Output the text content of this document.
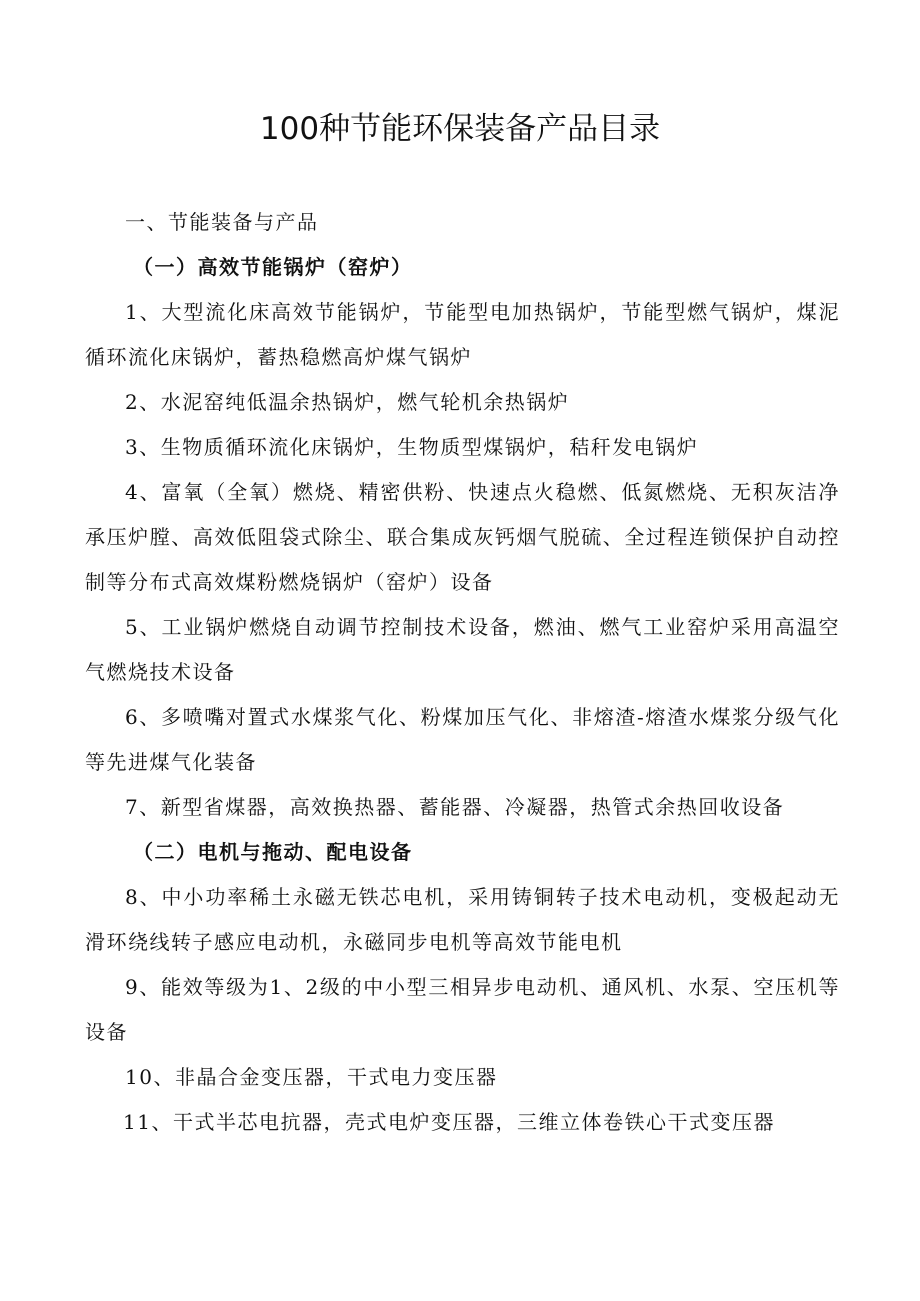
100种节能环保装备产品目录

一、节能装备与产品

（一）高效节能锅炉（窑炉）

1、大型流化床高效节能锅炉，节能型电加热锅炉，节能型燃气锅炉，煤泥循环流化床锅炉，蓄热稳燃高炉煤气锅炉

2、水泥窑纯低温余热锅炉，燃气轮机余热锅炉

3、生物质循环流化床锅炉，生物质型煤锅炉，秸秆发电锅炉

4、富氧（全氧）燃烧、精密供粉、快速点火稳燃、低氮燃烧、无积灰洁净承压炉膛、高效低阻袋式除尘、联合集成灰钙烟气脱硫、全过程连锁保护自动控制等分布式高效煤粉燃烧锅炉（窑炉）设备

5、工业锅炉燃烧自动调节控制技术设备，燃油、燃气工业窑炉采用高温空气燃烧技术设备

6、多喷嘴对置式水煤浆气化、粉煤加压气化、非熔渣-熔渣水煤浆分级气化等先进煤气化装备

7、新型省煤器，高效换热器、蓄能器、冷凝器，热管式余热回收设备

（二）电机与拖动、配电设备

8、中小功率稀土永磁无铁芯电机，采用铸铜转子技术电动机，变极起动无滑环绕线转子感应电动机，永磁同步电机等高效节能电机

9、能效等级为1、2级的中小型三相异步电动机、通风机、水泵、空压机等设备

10、非晶合金变压器，干式电力变压器

11、干式半芯电抗器，壳式电炉变压器，三维立体卷铁心干式变压器
